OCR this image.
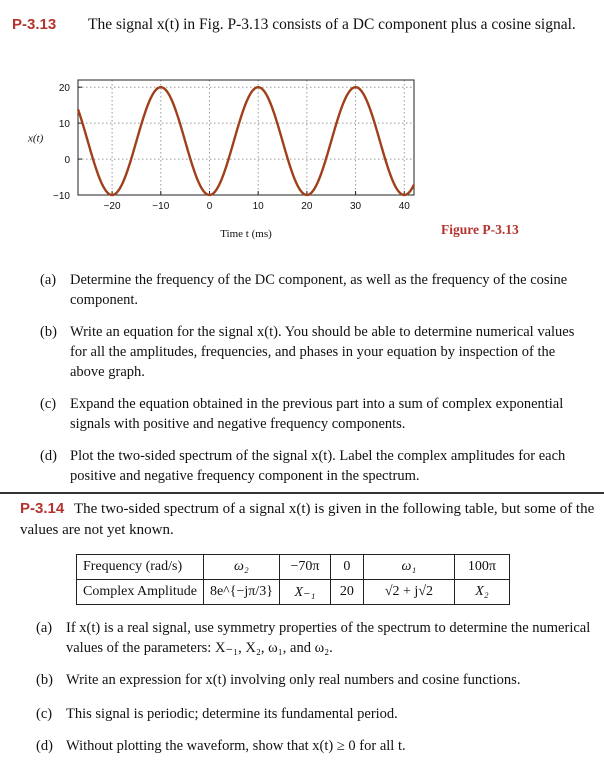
P-3.13 The signal x(t) in Fig. P-3.13 consists of a DC component plus a cosine signal.
−20	−10	0	10	20	30	40
−10
0
10
20
Time t (ms)
x(t)
Figure P-3.13
(a) Determine the frequency of the DC component, as well as the frequency of the cosine component.
(b) Write an equation for the signal x(t). You should be able to determine numerical values for all the amplitudes, frequencies, and phases in your equation by inspection of the above graph.
(c) Expand the equation obtained in the previous part into a sum of complex exponential signals with positive and negative frequency components.
(d) Plot the two-sided spectrum of the signal x(t). Label the complex amplitudes for each positive and negative frequency component in the spectrum.
P-3.14 The two-sided spectrum of a signal x(t) is given in the following table, but some of the values are not yet known.
Frequency (rad/s)	ω₂	−70π	0	ω₁	100π
Complex Amplitude	8e^{−jπ/3}	X₋₁	20	√2 + j√2	X₂
(a) If x(t) is a real signal, use symmetry properties of the spectrum to determine the numerical values of the parameters: X₋₁, X₂, ω₁, and ω₂.
(b) Write an expression for x(t) involving only real numbers and cosine functions.
(c) This signal is periodic; determine its fundamental period.
(d) Without plotting the waveform, show that x(t) ≥ 0 for all t.
